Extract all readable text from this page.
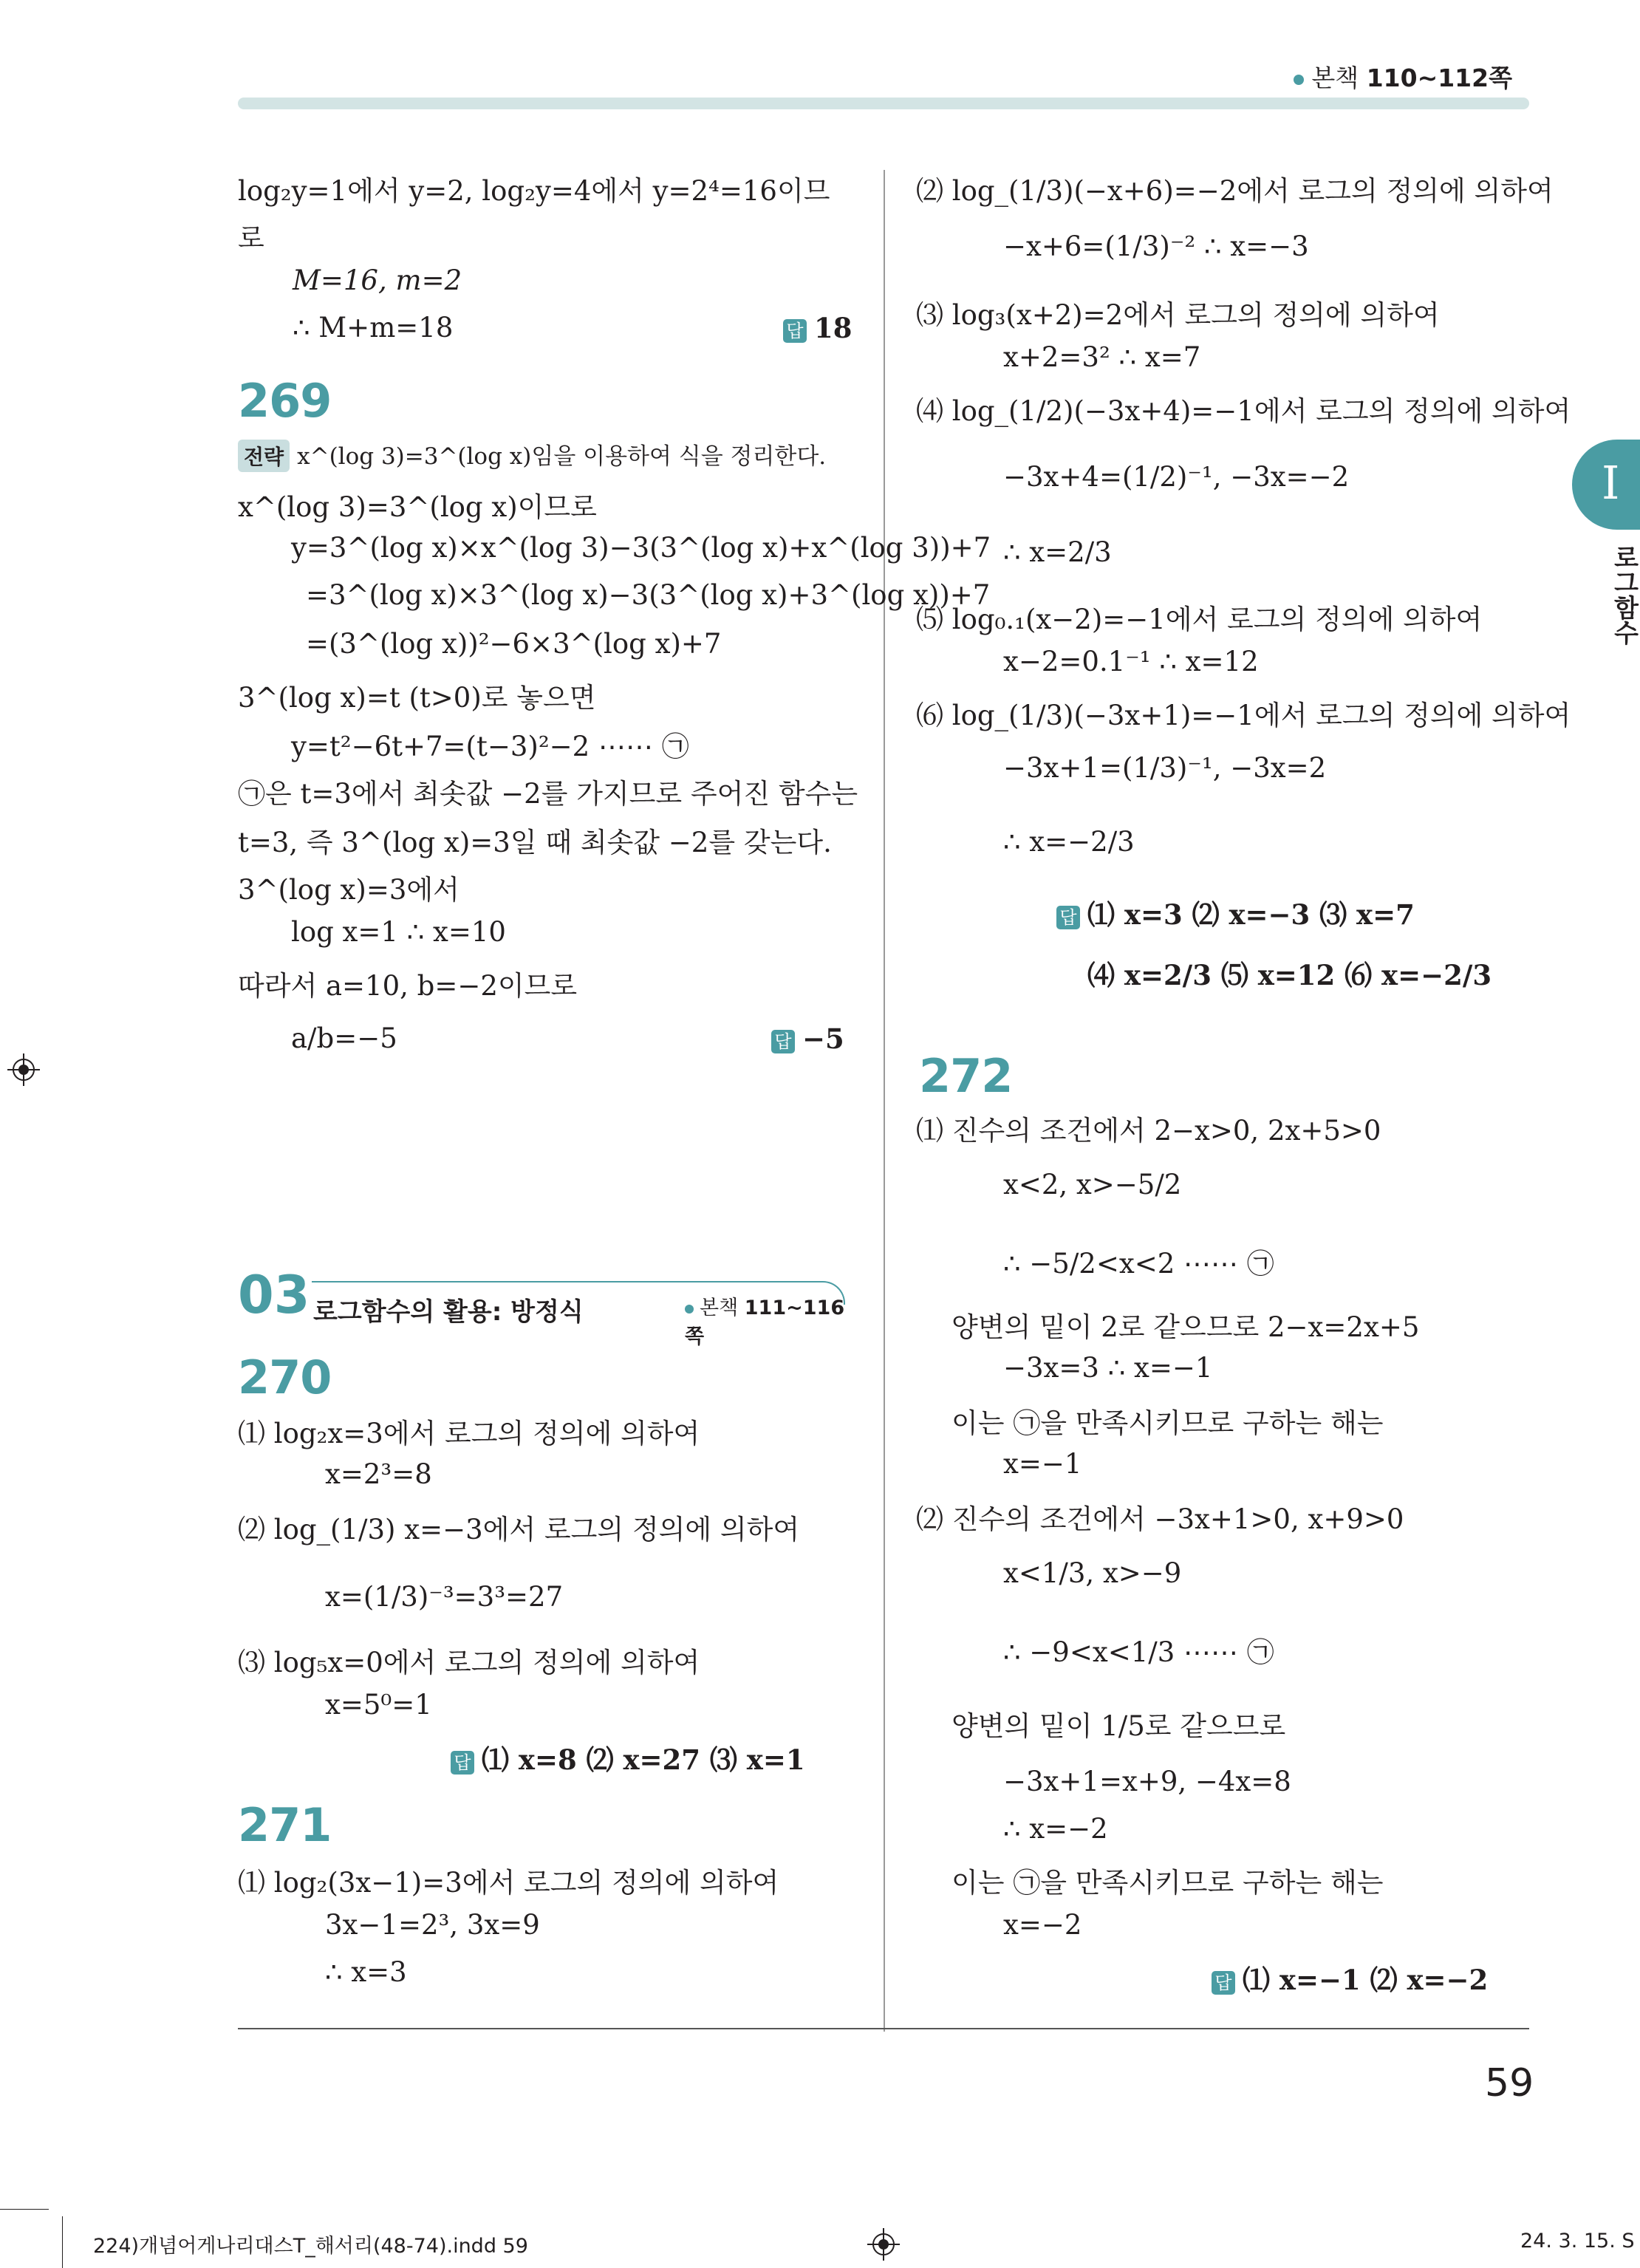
본책 110~112쪽
log₂y=1에서 y=2, log₂y=4에서 y=2⁴=16이므
로
M=16, m=2
∴ M+m=18	답 18
269
전략 x^(log 3)=3^(log x)임을 이용하여 식을 정리한다.
x^(log 3)=3^(log x)이므로
y=3^(log x)×x^(log 3)−3(3^(log x)+x^(log 3))+7
=3^(log x)×3^(log x)−3(3^(log x)+3^(log x))+7
=(3^(log x))²−6×3^(log x)+7
3^(log x)=t (t>0)로 놓으면
y=t²−6t+7=(t−3)²−2 ⋯⋯ ㉠
㉠은 t=3에서 최솟값 −2를 가지므로 주어진 함수는
t=3, 즉 3^(log x)=3일 때 최솟값 −2를 갖는다.
3^(log x)=3에서
log x=1 ∴ x=10
따라서 a=10, b=−2이므로
a/b=−5	답 −5
03 로그함수의 활용: 방정식	본책 111~116쪽
270
⑴ log₂x=3에서 로그의 정의에 의하여
x=2³=8
⑵ log_(1/3) x=−3에서 로그의 정의에 의하여
x=(1/3)⁻³=3³=27
⑶ log₅x=0에서 로그의 정의에 의하여
x=5⁰=1
답 ⑴ x=8 ⑵ x=27 ⑶ x=1
271
⑴ log₂(3x−1)=3에서 로그의 정의에 의하여
3x−1=2³, 3x=9
∴ x=3
⑵ log_(1/3)(−x+6)=−2에서 로그의 정의에 의하여
−x+6=(1/3)⁻² ∴ x=−3
⑶ log₃(x+2)=2에서 로그의 정의에 의하여
x+2=3² ∴ x=7
⑷ log_(1/2)(−3x+4)=−1에서 로그의 정의에 의하여
−3x+4=(1/2)⁻¹, −3x=−2
∴ x=2/3
⑸ log₀.₁(x−2)=−1에서 로그의 정의에 의하여
x−2=0.1⁻¹ ∴ x=12
⑹ log_(1/3)(−3x+1)=−1에서 로그의 정의에 의하여
−3x+1=(1/3)⁻¹, −3x=2
∴ x=−2/3
답 ⑴ x=3 ⑵ x=−3 ⑶ x=7
⑷ x=2/3 ⑸ x=12 ⑹ x=−2/3
272
⑴ 진수의 조건에서 2−x>0, 2x+5>0
x<2, x>−5/2
∴ −5/2<x<2 ⋯⋯ ㉠
양변의 밑이 2로 같으므로 2−x=2x+5
−3x=3 ∴ x=−1
이는 ㉠을 만족시키므로 구하는 해는
x=−1
⑵ 진수의 조건에서 −3x+1>0, x+9>0
x<1/3, x>−9
∴ −9<x<1/3 ⋯⋯ ㉠
양변의 밑이 1/5로 같으므로
−3x+1=x+9, −4x=8
∴ x=−2
이는 ㉠을 만족시키므로 구하는 해는
x=−2
답 ⑴ x=−1 ⑵ x=−2
I
로그함수
59
224)개념어게나리대스T_해서리(48-74).indd 59	24. 3. 15. S
